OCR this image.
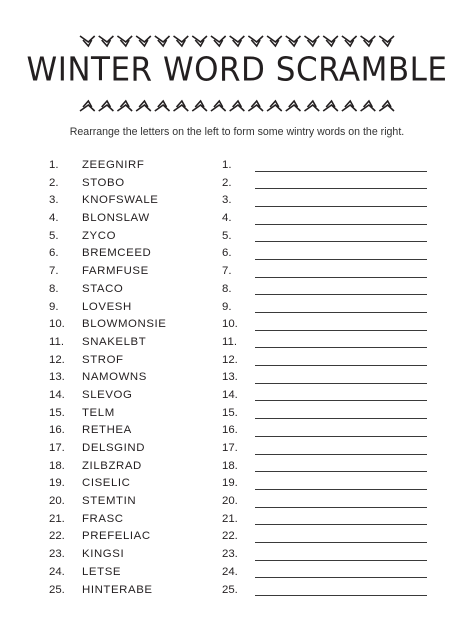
WINTER WORD SCRAMBLE
Rearrange the letters on the left to form some wintry words on the right.
1. ZEEGNIRF
2. STOBO
3. KNOFSWALE
4. BLONSLAW
5. ZYCO
6. BREMCEED
7. FARMFUSE
8. STACO
9. LOVESH
10. BLOWMONSIE
11. SNAKELBT
12. STROF
13. NAMOWNS
14. SLEVOG
15. TELM
16. RETHEA
17. DELSGIND
18. ZILBZRAD
19. CISELIC
20. STEMTIN
21. FRASC
22. PREFELIAC
23. KINGSI
24. LETSE
25. HINTERABE
1.
2.
3.
4.
5.
6.
7.
8.
9.
10.
11.
12.
13.
14.
15.
16.
17.
18.
19.
20.
21.
22.
23.
24.
25.
